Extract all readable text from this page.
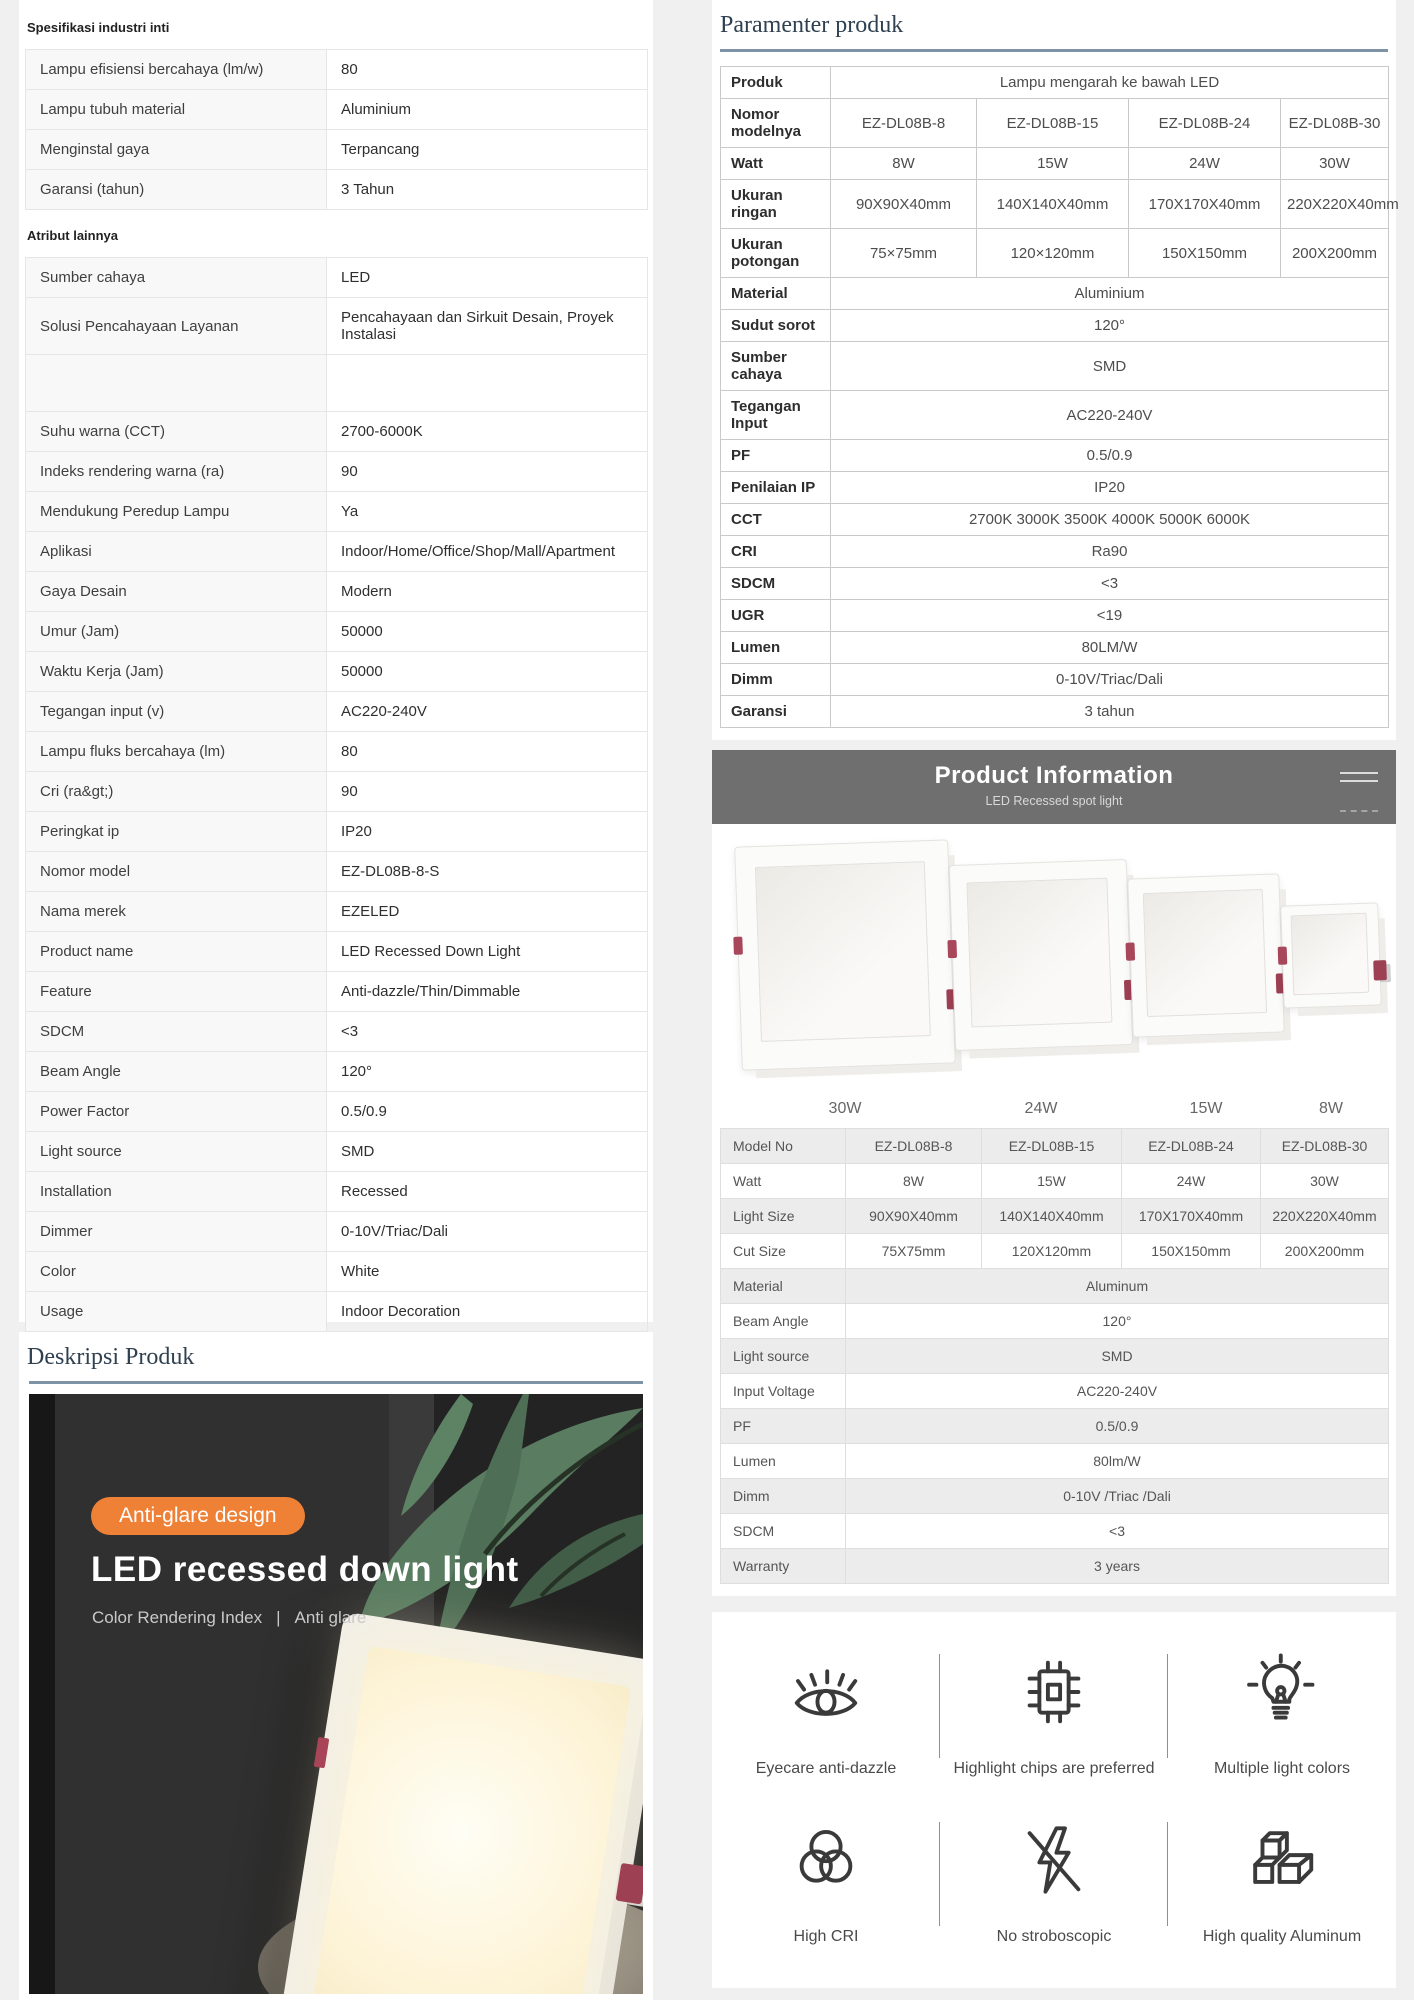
Spesifikasi industri inti
Lampu efisiensi bercahaya (lm/w)	80
Lampu tubuh material	Aluminium
Menginstal gaya	Terpancang
Garansi (tahun)	3 Tahun
Atribut lainnya
Sumber cahaya	LED
Solusi Pencahayaan Layanan	Pencahayaan dan Sirkuit Desain, Proyek Instalasi

Suhu warna (CCT)	2700-6000K
Indeks rendering warna (ra)	90
Mendukung Peredup Lampu	Ya
Aplikasi	Indoor/Home/Office/Shop/Mall/Apartment
Gaya Desain	Modern
Umur (Jam)	50000
Waktu Kerja (Jam)	50000
Tegangan input (v)	AC220-240V
Lampu fluks bercahaya (lm)	80
Cri (ra&gt;)	90
Peringkat ip	IP20
Nomor model	EZ-DL08B-8-S
Nama merek	EZELED
Product name	LED Recessed Down Light
Feature	Anti-dazzle/Thin/Dimmable
SDCM	<3
Beam Angle	120°
Power Factor	0.5/0.9
Light source	SMD
Installation	Recessed
Dimmer	0-10V/Triac/Dali
Color	White
Usage	Indoor Decoration
Deskripsi Produk
Anti-glare design
LED recessed down light
Color Rendering Index | Anti glare
Paramenter produk
Produk	Lampu mengarah ke bawah LED			
Nomor modelnya	EZ-DL08B-8	EZ-DL08B-15	EZ-DL08B-24	EZ-DL08B-30
Watt	8W	15W	24W	30W
Ukuran ringan	90X90X40mm	140X140X40mm	170X170X40mm	220X220X40mm
Ukuran potongan	75×75mm	120×120mm	150X150mm	200X200mm
Material	Aluminium			
Sudut sorot	120°			
Sumber cahaya	SMD			
Tegangan Input	AC220-240V			
PF	0.5/0.9			
Penilaian IP	IP20			
CCT	2700K 3000K 3500K 4000K 5000K 6000K			
CRI	Ra90			
SDCM	<3			
UGR	<19			
Lumen	80LM/W			
Dimm	0-10V/Triac/Dali			
Garansi	3 tahun			
Product Information
LED Recessed spot light
30W	24W	15W	8W
Model No	EZ-DL08B-8	EZ-DL08B-15	EZ-DL08B-24	EZ-DL08B-30
Watt	8W	15W	24W	30W
Light Size	90X90X40mm	140X140X40mm	170X170X40mm	220X220X40mm
Cut Size	75X75mm	120X120mm	150X150mm	200X200mm
Material	Aluminum			
Beam Angle	120°			
Light source	SMD			
Input Voltage	AC220-240V			
PF	0.5/0.9			
Lumen	80lm/W			
Dimm	0-10V /Triac /Dali			
SDCM	<3			
Warranty	3 years			
Eyecare anti-dazzle	Highlight chips are preferred	Multiple light colors
High CRI	No stroboscopic	High quality Aluminum
